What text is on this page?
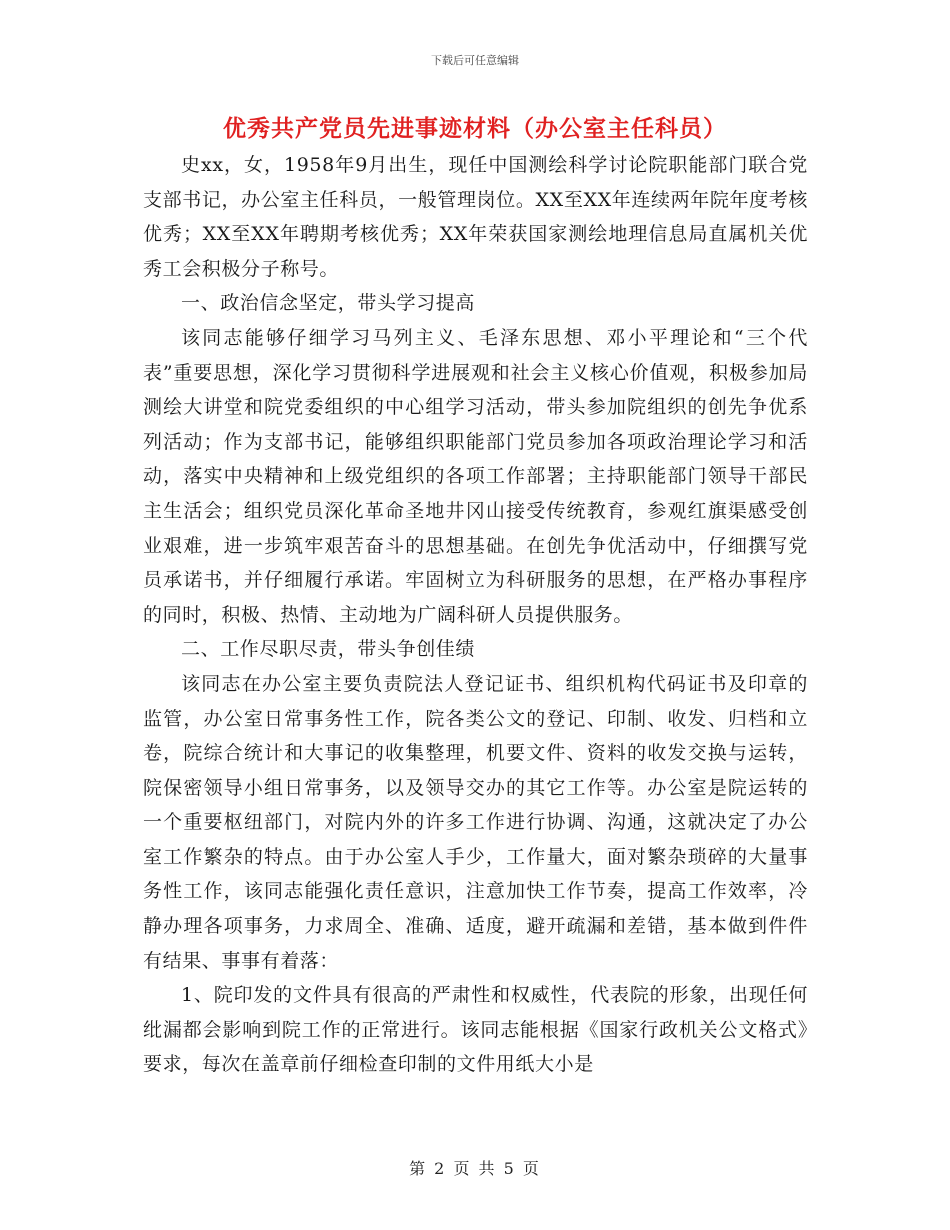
下载后可任意编辑
优秀共产党员先进事迹材料（办公室主任科员）

史xx，女，1958年9月出生，现任中国测绘科学讨论院职能部门联合党支部书记，办公室主任科员，一般管理岗位。XX至XX年连续两年院年度考核优秀；XX至XX年聘期考核优秀；XX年荣获国家测绘地理信息局直属机关优秀工会积极分子称号。

一、政治信念坚定，带头学习提高

该同志能够仔细学习马列主义、毛泽东思想、邓小平理论和“三个代表”重要思想，深化学习贯彻科学进展观和社会主义核心价值观，积极参加局测绘大讲堂和院党委组织的中心组学习活动，带头参加院组织的创先争优系列活动；作为支部书记，能够组织职能部门党员参加各项政治理论学习和活动，落实中央精神和上级党组织的各项工作部署；主持职能部门领导干部民主生活会；组织党员深化革命圣地井冈山接受传统教育，参观红旗渠感受创业艰难，进一步筑牢艰苦奋斗的思想基础。在创先争优活动中，仔细撰写党员承诺书，并仔细履行承诺。牢固树立为科研服务的思想，在严格办事程序的同时，积极、热情、主动地为广阔科研人员提供服务。

二、工作尽职尽责，带头争创佳绩

该同志在办公室主要负责院法人登记证书、组织机构代码证书及印章的监管，办公室日常事务性工作，院各类公文的登记、印制、收发、归档和立卷，院综合统计和大事记的收集整理，机要文件、资料的收发交换与运转，院保密领导小组日常事务，以及领导交办的其它工作等。办公室是院运转的一个重要枢纽部门，对院内外的许多工作进行协调、沟通，这就决定了办公室工作繁杂的特点。由于办公室人手少，工作量大，面对繁杂琐碎的大量事务性工作，该同志能强化责任意识，注意加快工作节奏，提高工作效率，冷静办理各项事务，力求周全、准确、适度，避开疏漏和差错，基本做到件件有结果、事事有着落：

1、院印发的文件具有很高的严肃性和权威性，代表院的形象，出现任何纰漏都会影响到院工作的正常进行。该同志能根据《国家行政机关公文格式》要求，每次在盖章前仔细检查印制的文件用纸大小是

第 2 页 共 5 页
